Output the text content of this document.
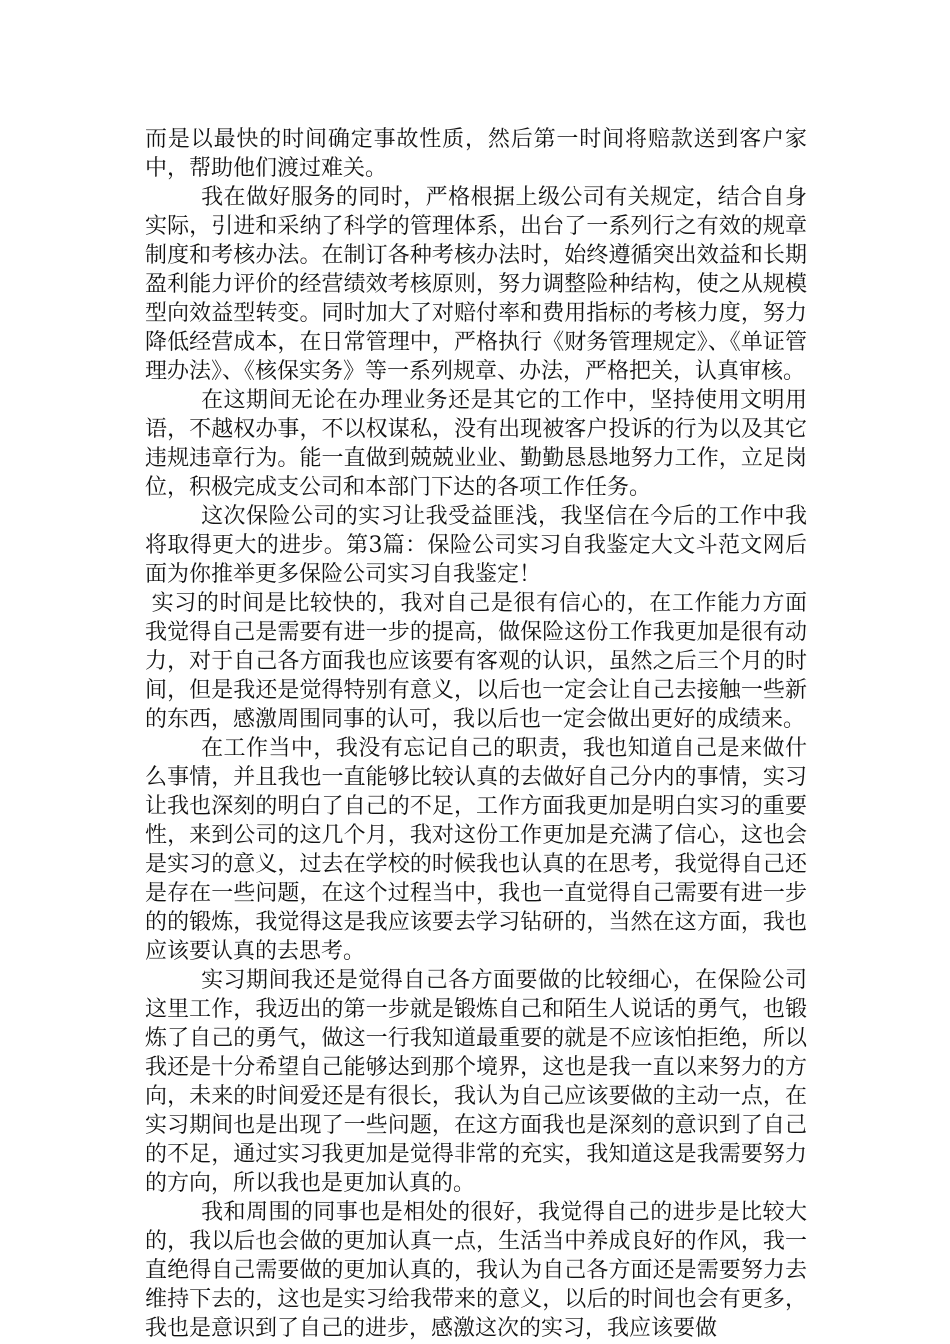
而是以最快的时间确定事故性质，然后第一时间将赔款送到客户家中，帮助他们渡过难关。

我在做好服务的同时，严格根据上级公司有关规定，结合自身实际，引进和采纳了科学的管理体系，出台了一系列行之有效的规章制度和考核办法。在制订各种考核办法时，始终遵循突出效益和长期盈利能力评价的经营绩效考核原则，努力调整险种结构，使之从规模型向效益型转变。同时加大了对赔付率和费用指标的考核力度，努力降低经营成本，在日常管理中，严格执行《财务管理规定》、《单证管理办法》、《核保实务》等一系列规章、办法，严格把关，认真审核。

在这期间无论在办理业务还是其它的工作中，坚持使用文明用语，不越权办事，不以权谋私，没有出现被客户投诉的行为以及其它违规违章行为。能一直做到兢兢业业、勤勤恳恳地努力工作，立足岗位，积极完成支公司和本部门下达的各项工作任务。

这次保险公司的实习让我受益匪浅，我坚信在今后的工作中我将取得更大的进步。第3篇：保险公司实习自我鉴定大文斗范文网后面为你推举更多保险公司实习自我鉴定！

实习的时间是比较快的，我对自己是很有信心的，在工作能力方面我觉得自己是需要有进一步的提高，做保险这份工作我更加是很有动力，对于自己各方面我也应该要有客观的认识，虽然之后三个月的时间，但是我还是觉得特别有意义，以后也一定会让自己去接触一些新的东西，感激周围同事的认可，我以后也一定会做出更好的成绩来。

在工作当中，我没有忘记自己的职责，我也知道自己是来做什么事情，并且我也一直能够比较认真的去做好自己分内的事情，实习让我也深刻的明白了自己的不足，工作方面我更加是明白实习的重要性，来到公司的这几个月，我对这份工作更加是充满了信心，这也会是实习的意义，过去在学校的时候我也认真的在思考，我觉得自己还是存在一些问题，在这个过程当中，我也一直觉得自己需要有进一步的的锻炼，我觉得这是我应该要去学习钻研的，当然在这方面，我也应该要认真的去思考。

实习期间我还是觉得自己各方面要做的比较细心，在保险公司这里工作，我迈出的第一步就是锻炼自己和陌生人说话的勇气，也锻炼了自己的勇气，做这一行我知道最重要的就是不应该怕拒绝，所以我还是十分希望自己能够达到那个境界，这也是我一直以来努力的方向，未来的时间爱还是有很长，我认为自己应该要做的主动一点，在实习期间也是出现了一些问题，在这方面我也是深刻的意识到了自己的不足，通过实习我更加是觉得非常的充实，我知道这是我需要努力的方向，所以我也是更加认真的。

我和周围的同事也是相处的很好，我觉得自己的进步是比较大的，我以后也会做的更加认真一点，生活当中养成良好的作风，我一直绝得自己需要做的更加认真的，我认为自己各方面还是需要努力去维持下去的，这也是实习给我带来的意义，以后的时间也会有更多，我也是意识到了自己的进步，感激这次的实习，我应该要做
